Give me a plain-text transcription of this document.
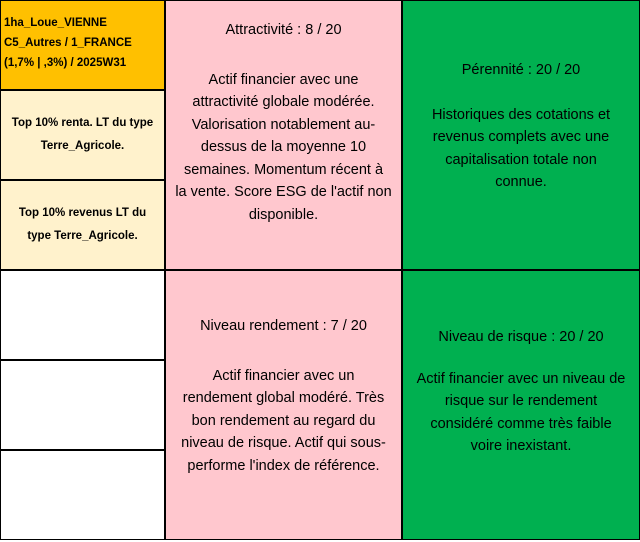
1ha_Loue_VIENNE
C5_Autres / 1_FRANCE
(1,7% | ,3%) / 2025W31
Top 10% renta. LT du type
Terre_Agricole.
Top 10% revenus LT du
type Terre_Agricole.
Attractivité : 8 / 20
Actif financier avec une
attractivité globale modérée.
Valorisation notablement au-
dessus de la moyenne 10
semaines. Momentum récent à
la vente. Score ESG de l'actif non
disponible.
Pérennité : 20 / 20
Historiques des cotations et
revenus complets avec une
capitalisation totale non
connue.
Niveau rendement : 7 / 20
Actif financier avec un
rendement global modéré. Très
bon rendement au regard du
niveau de risque. Actif qui sous-
performe l'index de référence.
Niveau de risque : 20 / 20
Actif financier avec un niveau de
risque sur le rendement
considéré comme très faible
voire inexistant.
